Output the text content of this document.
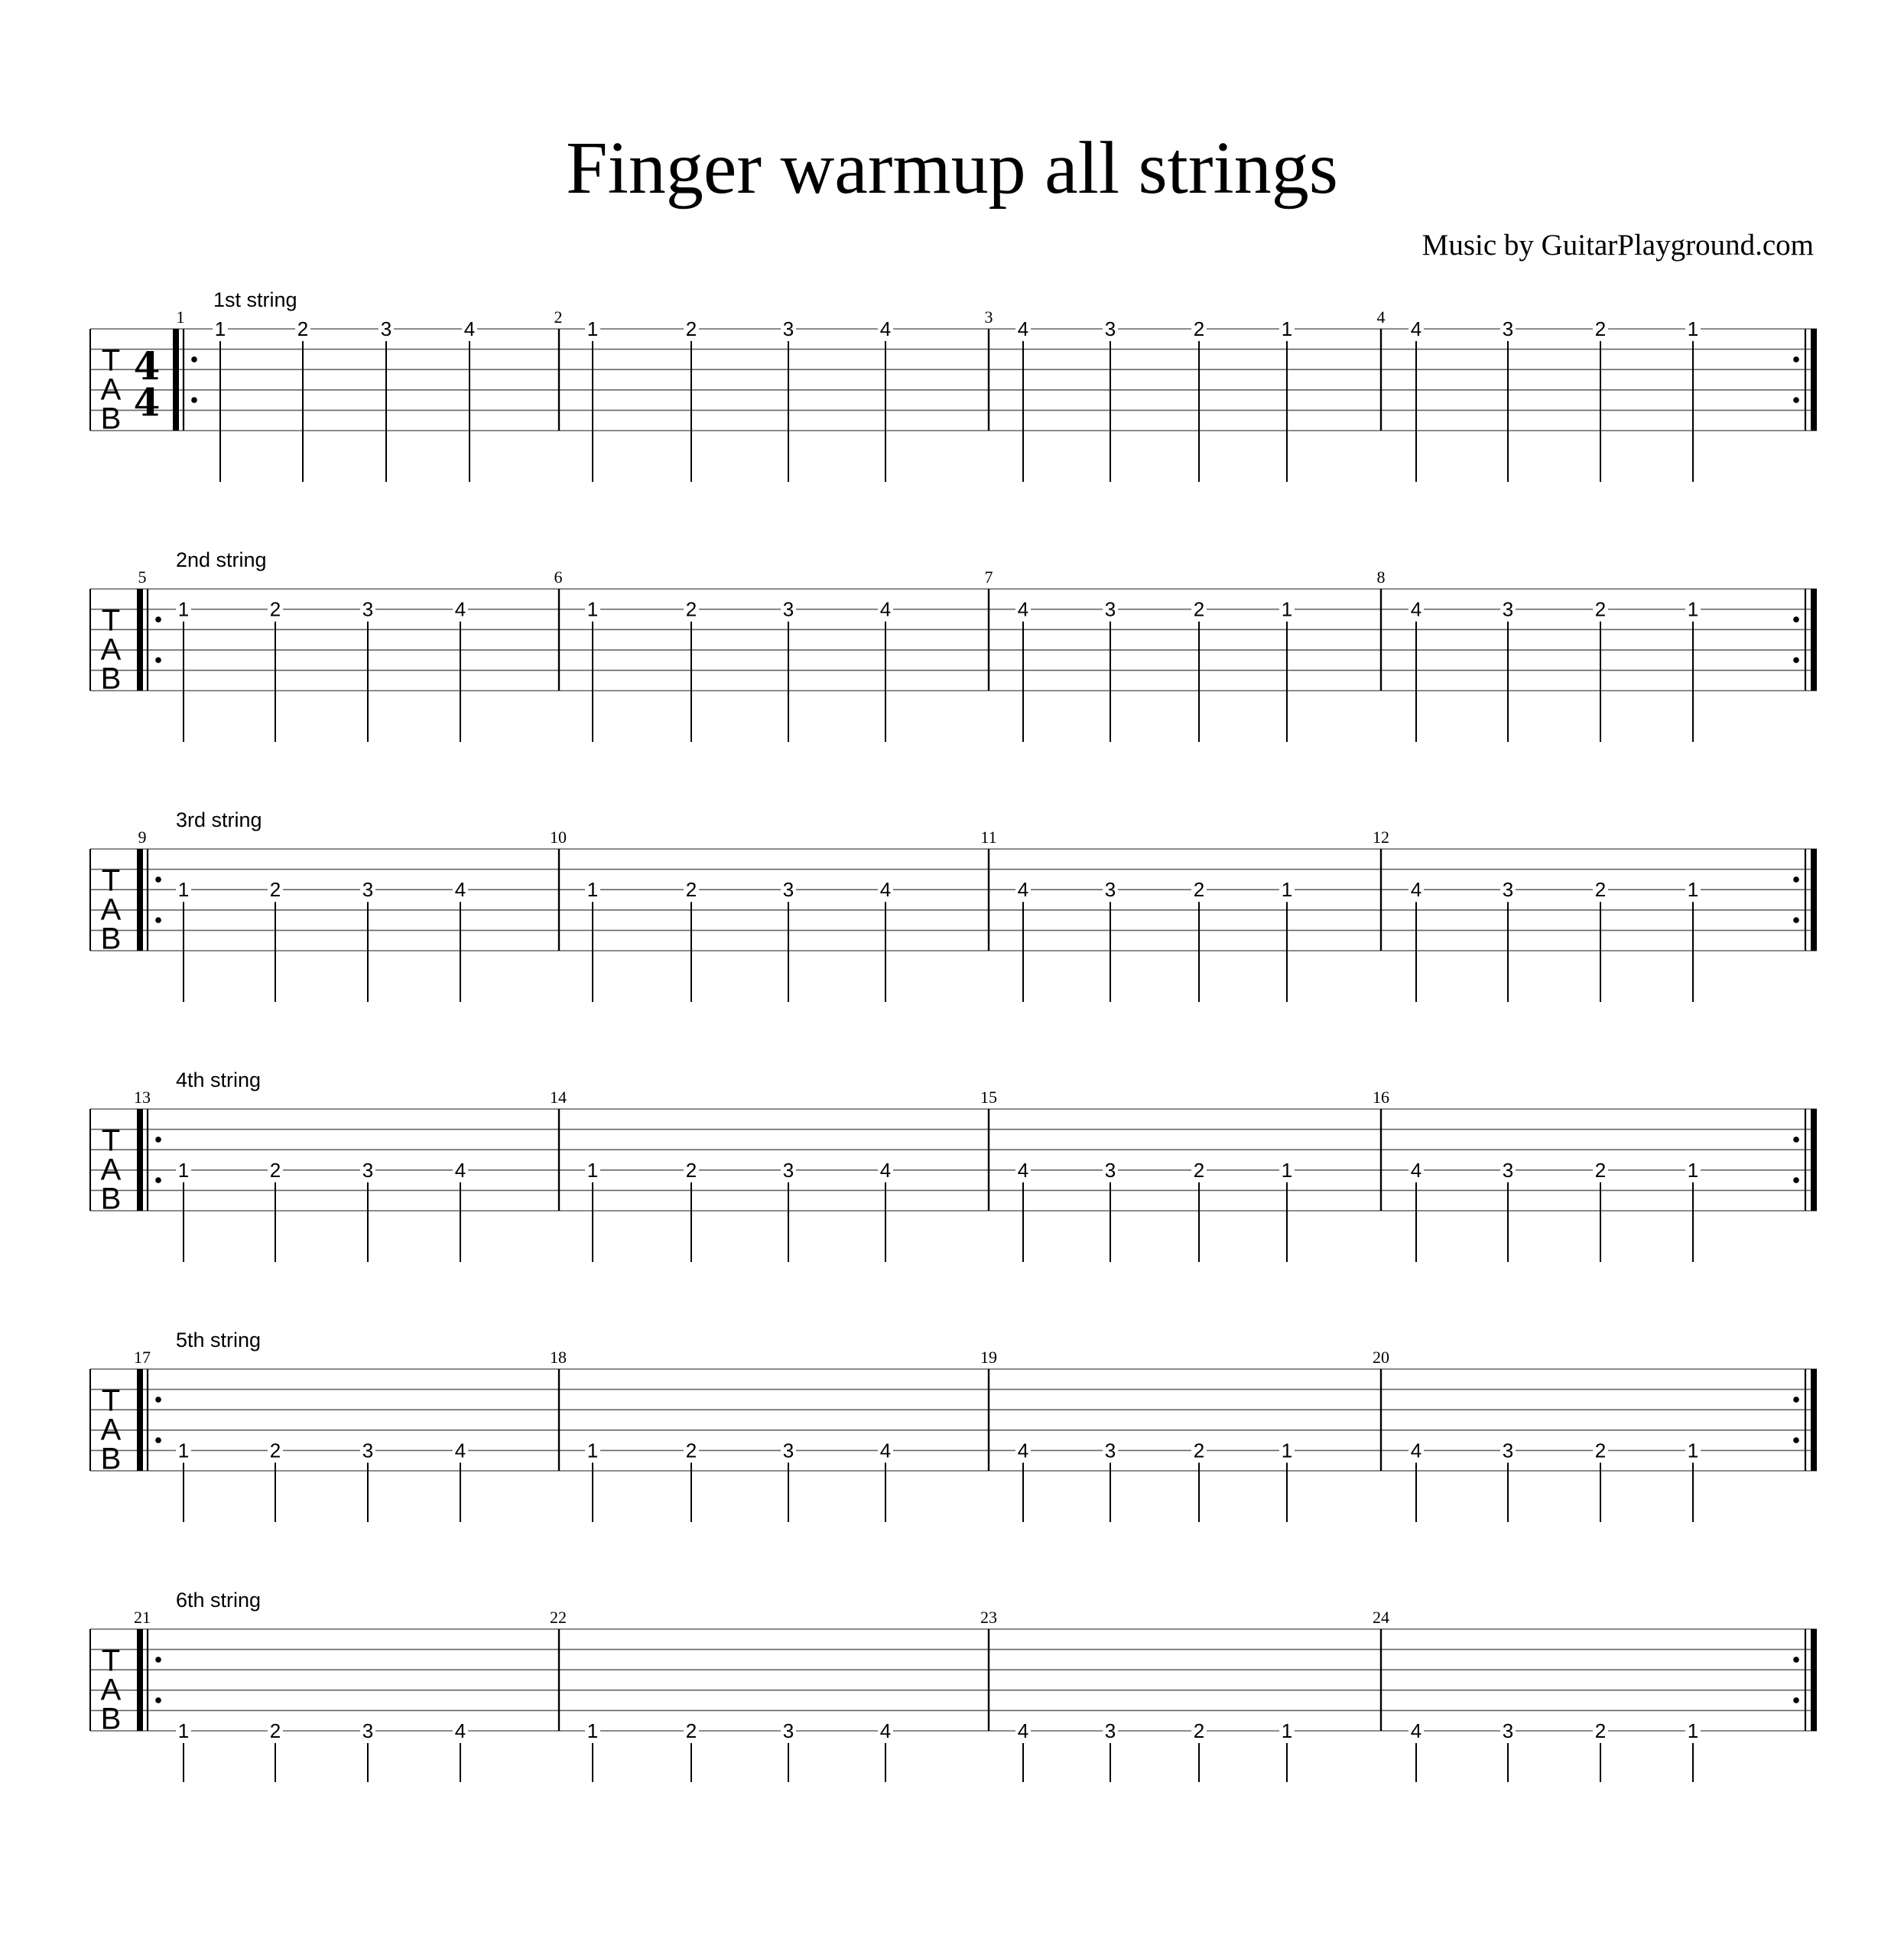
Finger warmup all strings
Music by GuitarPlayground.com
T
A
B
4
4
1st string
1
1	2	3	4
2
1	2	3	4
3
4	3	2	1
4
4	3	2	1
T
A
B
2nd string
5
1	2	3	4
6
1	2	3	4
7
4	3	2	1
8
4	3	2	1
T
A
B
3rd string
9
1	2	3	4
10
1	2	3	4
11
4	3	2	1
12
4	3	2	1
T
A
B
4th string
13
1	2	3	4
14
1	2	3	4
15
4	3	2	1
16
4	3	2	1
T
A
B
5th string
17
1	2	3	4
18
1	2	3	4
19
4	3	2	1
20
4	3	2	1
T
A
B
6th string
21
1	2	3	4
22
1	2	3	4
23
4	3	2	1
24
4	3	2	1
